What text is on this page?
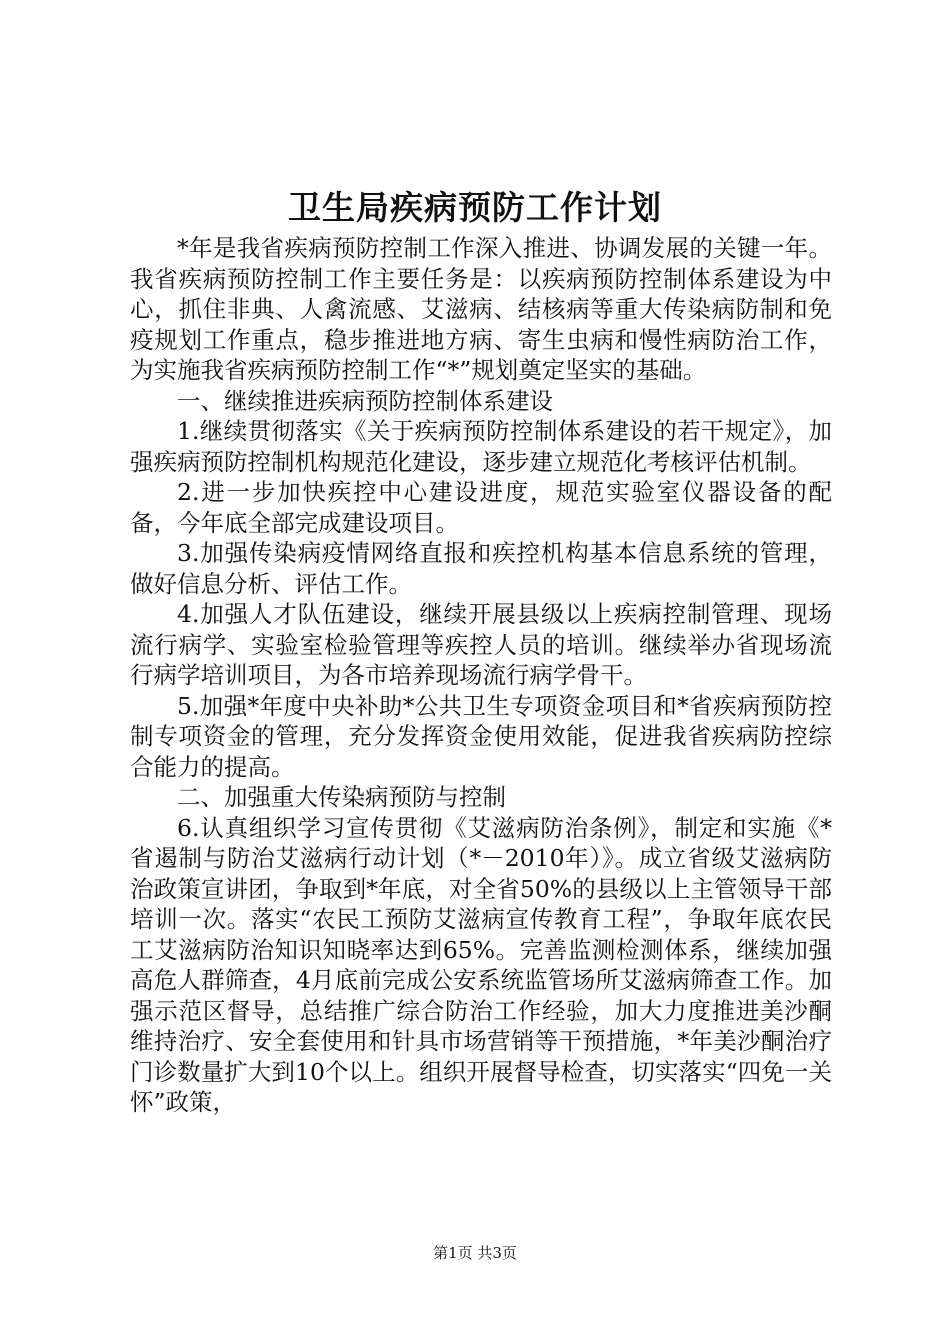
卫生局疾病预防工作计划

*年是我省疾病预防控制工作深入推进、协调发展的关键一年。我省疾病预防控制工作主要任务是：以疾病预防控制体系建设为中心，抓住非典、人禽流感、艾滋病、结核病等重大传染病防制和免疫规划工作重点，稳步推进地方病、寄生虫病和慢性病防治工作，为实施我省疾病预防控制工作“*”规划奠定坚实的基础。

一、继续推进疾病预防控制体系建设

1.继续贯彻落实《关于疾病预防控制体系建设的若干规定》，加强疾病预防控制机构规范化建设，逐步建立规范化考核评估机制。

2.进一步加快疾控中心建设进度，规范实验室仪器设备的配备，今年底全部完成建设项目。

3.加强传染病疫情网络直报和疾控机构基本信息系统的管理，做好信息分析、评估工作。

4.加强人才队伍建设，继续开展县级以上疾病控制管理、现场流行病学、实验室检验管理等疾控人员的培训。继续举办省现场流行病学培训项目，为各市培养现场流行病学骨干。

5.加强*年度中央补助*公共卫生专项资金项目和*省疾病预防控制专项资金的管理，充分发挥资金使用效能，促进我省疾病防控综合能力的提高。

二、加强重大传染病预防与控制

6.认真组织学习宣传贯彻《艾滋病防治条例》，制定和实施《*省遏制与防治艾滋病行动计划（*－2010年）》。成立省级艾滋病防治政策宣讲团，争取到*年底，对全省50%的县级以上主管领导干部培训一次。落实“农民工预防艾滋病宣传教育工程”，争取年底农民工艾滋病防治知识知晓率达到65%。完善监测检测体系，继续加强高危人群筛查，4月底前完成公安系统监管场所艾滋病筛查工作。加强示范区督导，总结推广综合防治工作经验，加大力度推进美沙酮维持治疗、安全套使用和针具市场营销等干预措施，*年美沙酮治疗门诊数量扩大到10个以上。组织开展督导检查，切实落实“四免一关怀”政策，

第1页 共3页
